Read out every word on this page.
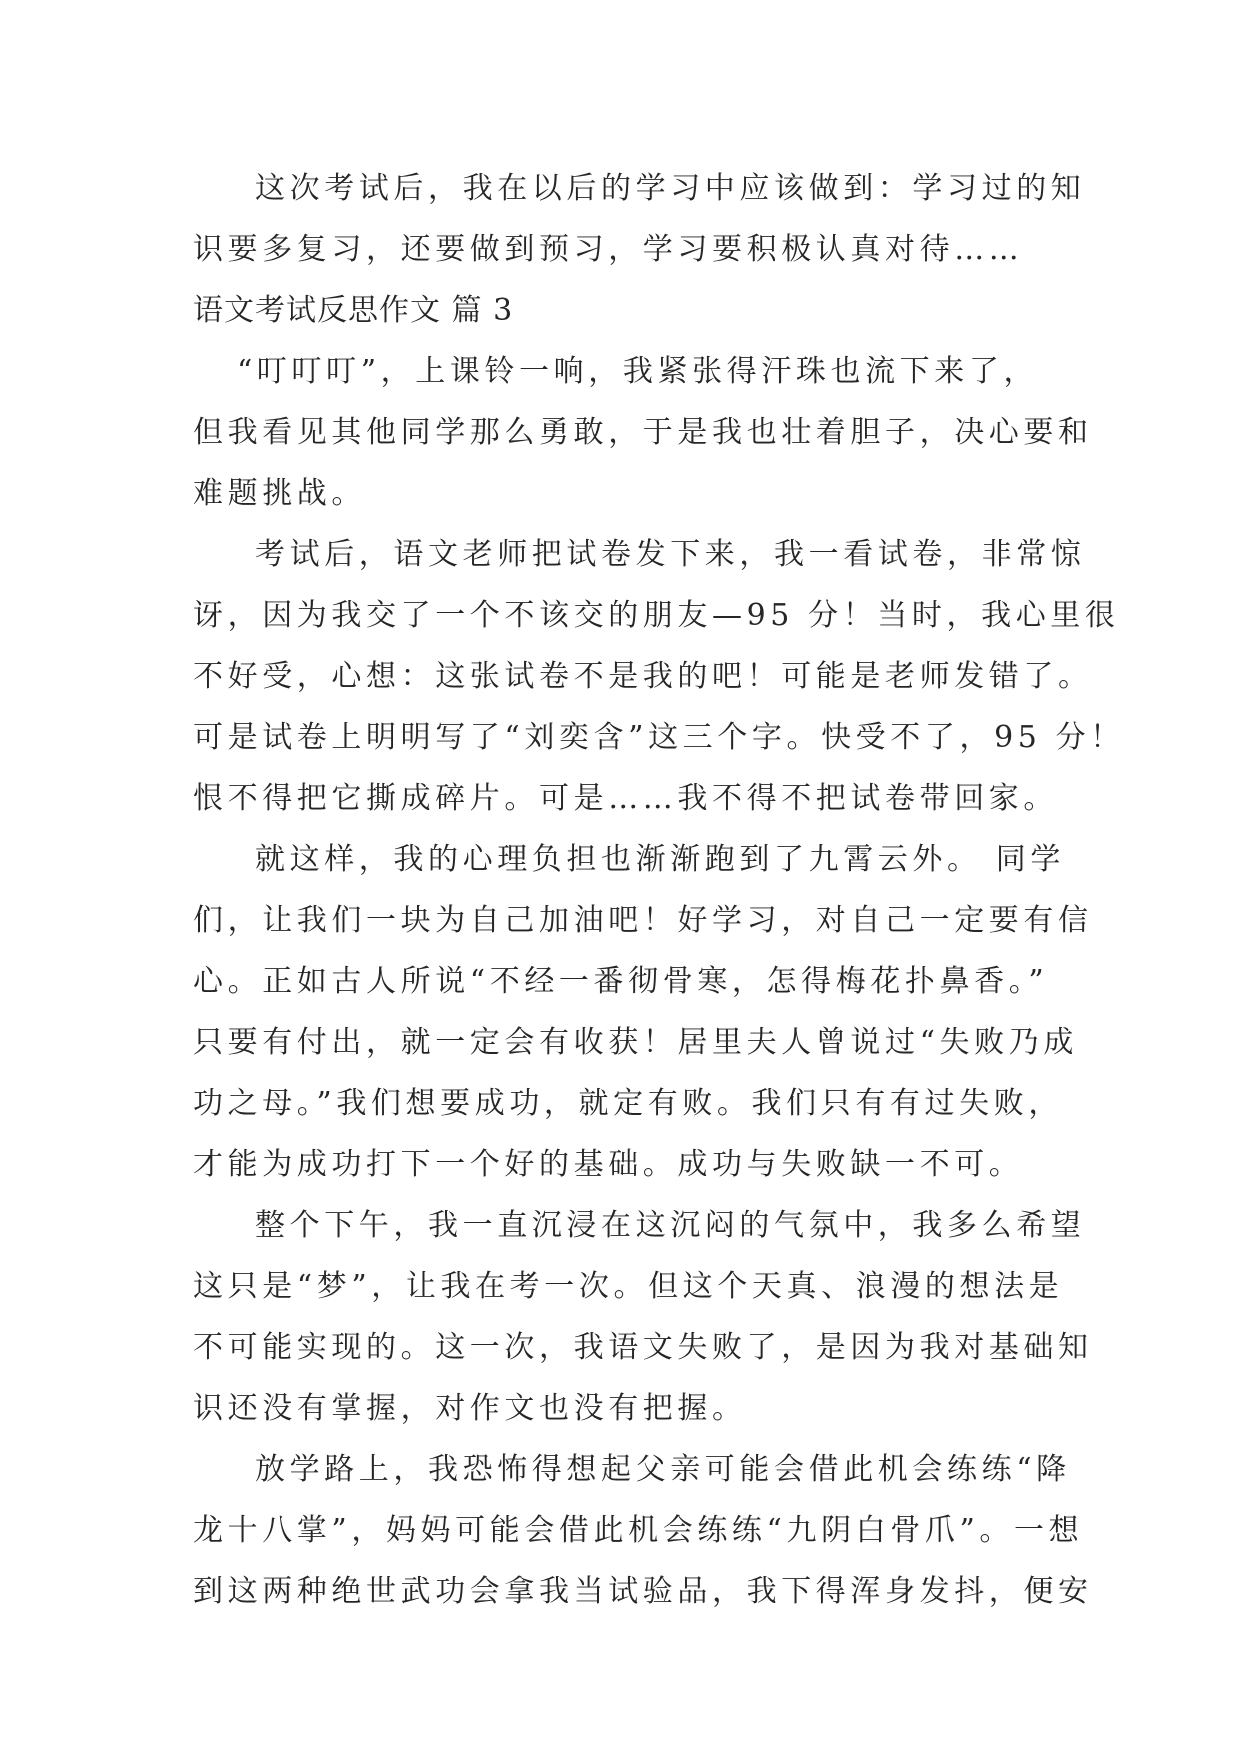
这次考试后，我在以后的学习中应该做到：学习过的知
识要多复习，还要做到预习，学习要积极认真对待……
语文考试反思作文 篇 3
“叮叮叮”，上课铃一响，我紧张得汗珠也流下来了，
但我看见其他同学那么勇敢，于是我也壮着胆子，决心要和
难题挑战。
考试后，语文老师把试卷发下来，我一看试卷，非常惊
讶，因为我交了一个不该交的朋友—95 分！当时，我心里很
不好受，心想：这张试卷不是我的吧！可能是老师发错了。
可是试卷上明明写了“刘奕含”这三个字。快受不了，95 分！
恨不得把它撕成碎片。可是……我不得不把试卷带回家。
就这样，我的心理负担也渐渐跑到了九霄云外。 同学
们，让我们一块为自己加油吧！好学习，对自己一定要有信
心。正如古人所说“不经一番彻骨寒，怎得梅花扑鼻香。”
只要有付出，就一定会有收获！居里夫人曾说过“失败乃成
功之母。”我们想要成功，就定有败。我们只有有过失败，
才能为成功打下一个好的基础。成功与失败缺一不可。
整个下午，我一直沉浸在这沉闷的气氛中，我多么希望
这只是“梦”，让我在考一次。但这个天真、浪漫的想法是
不可能实现的。这一次，我语文失败了，是因为我对基础知
识还没有掌握，对作文也没有把握。
放学路上，我恐怖得想起父亲可能会借此机会练练“降
龙十八掌”，妈妈可能会借此机会练练“九阴白骨爪”。一想
到这两种绝世武功会拿我当试验品，我下得浑身发抖，便安
